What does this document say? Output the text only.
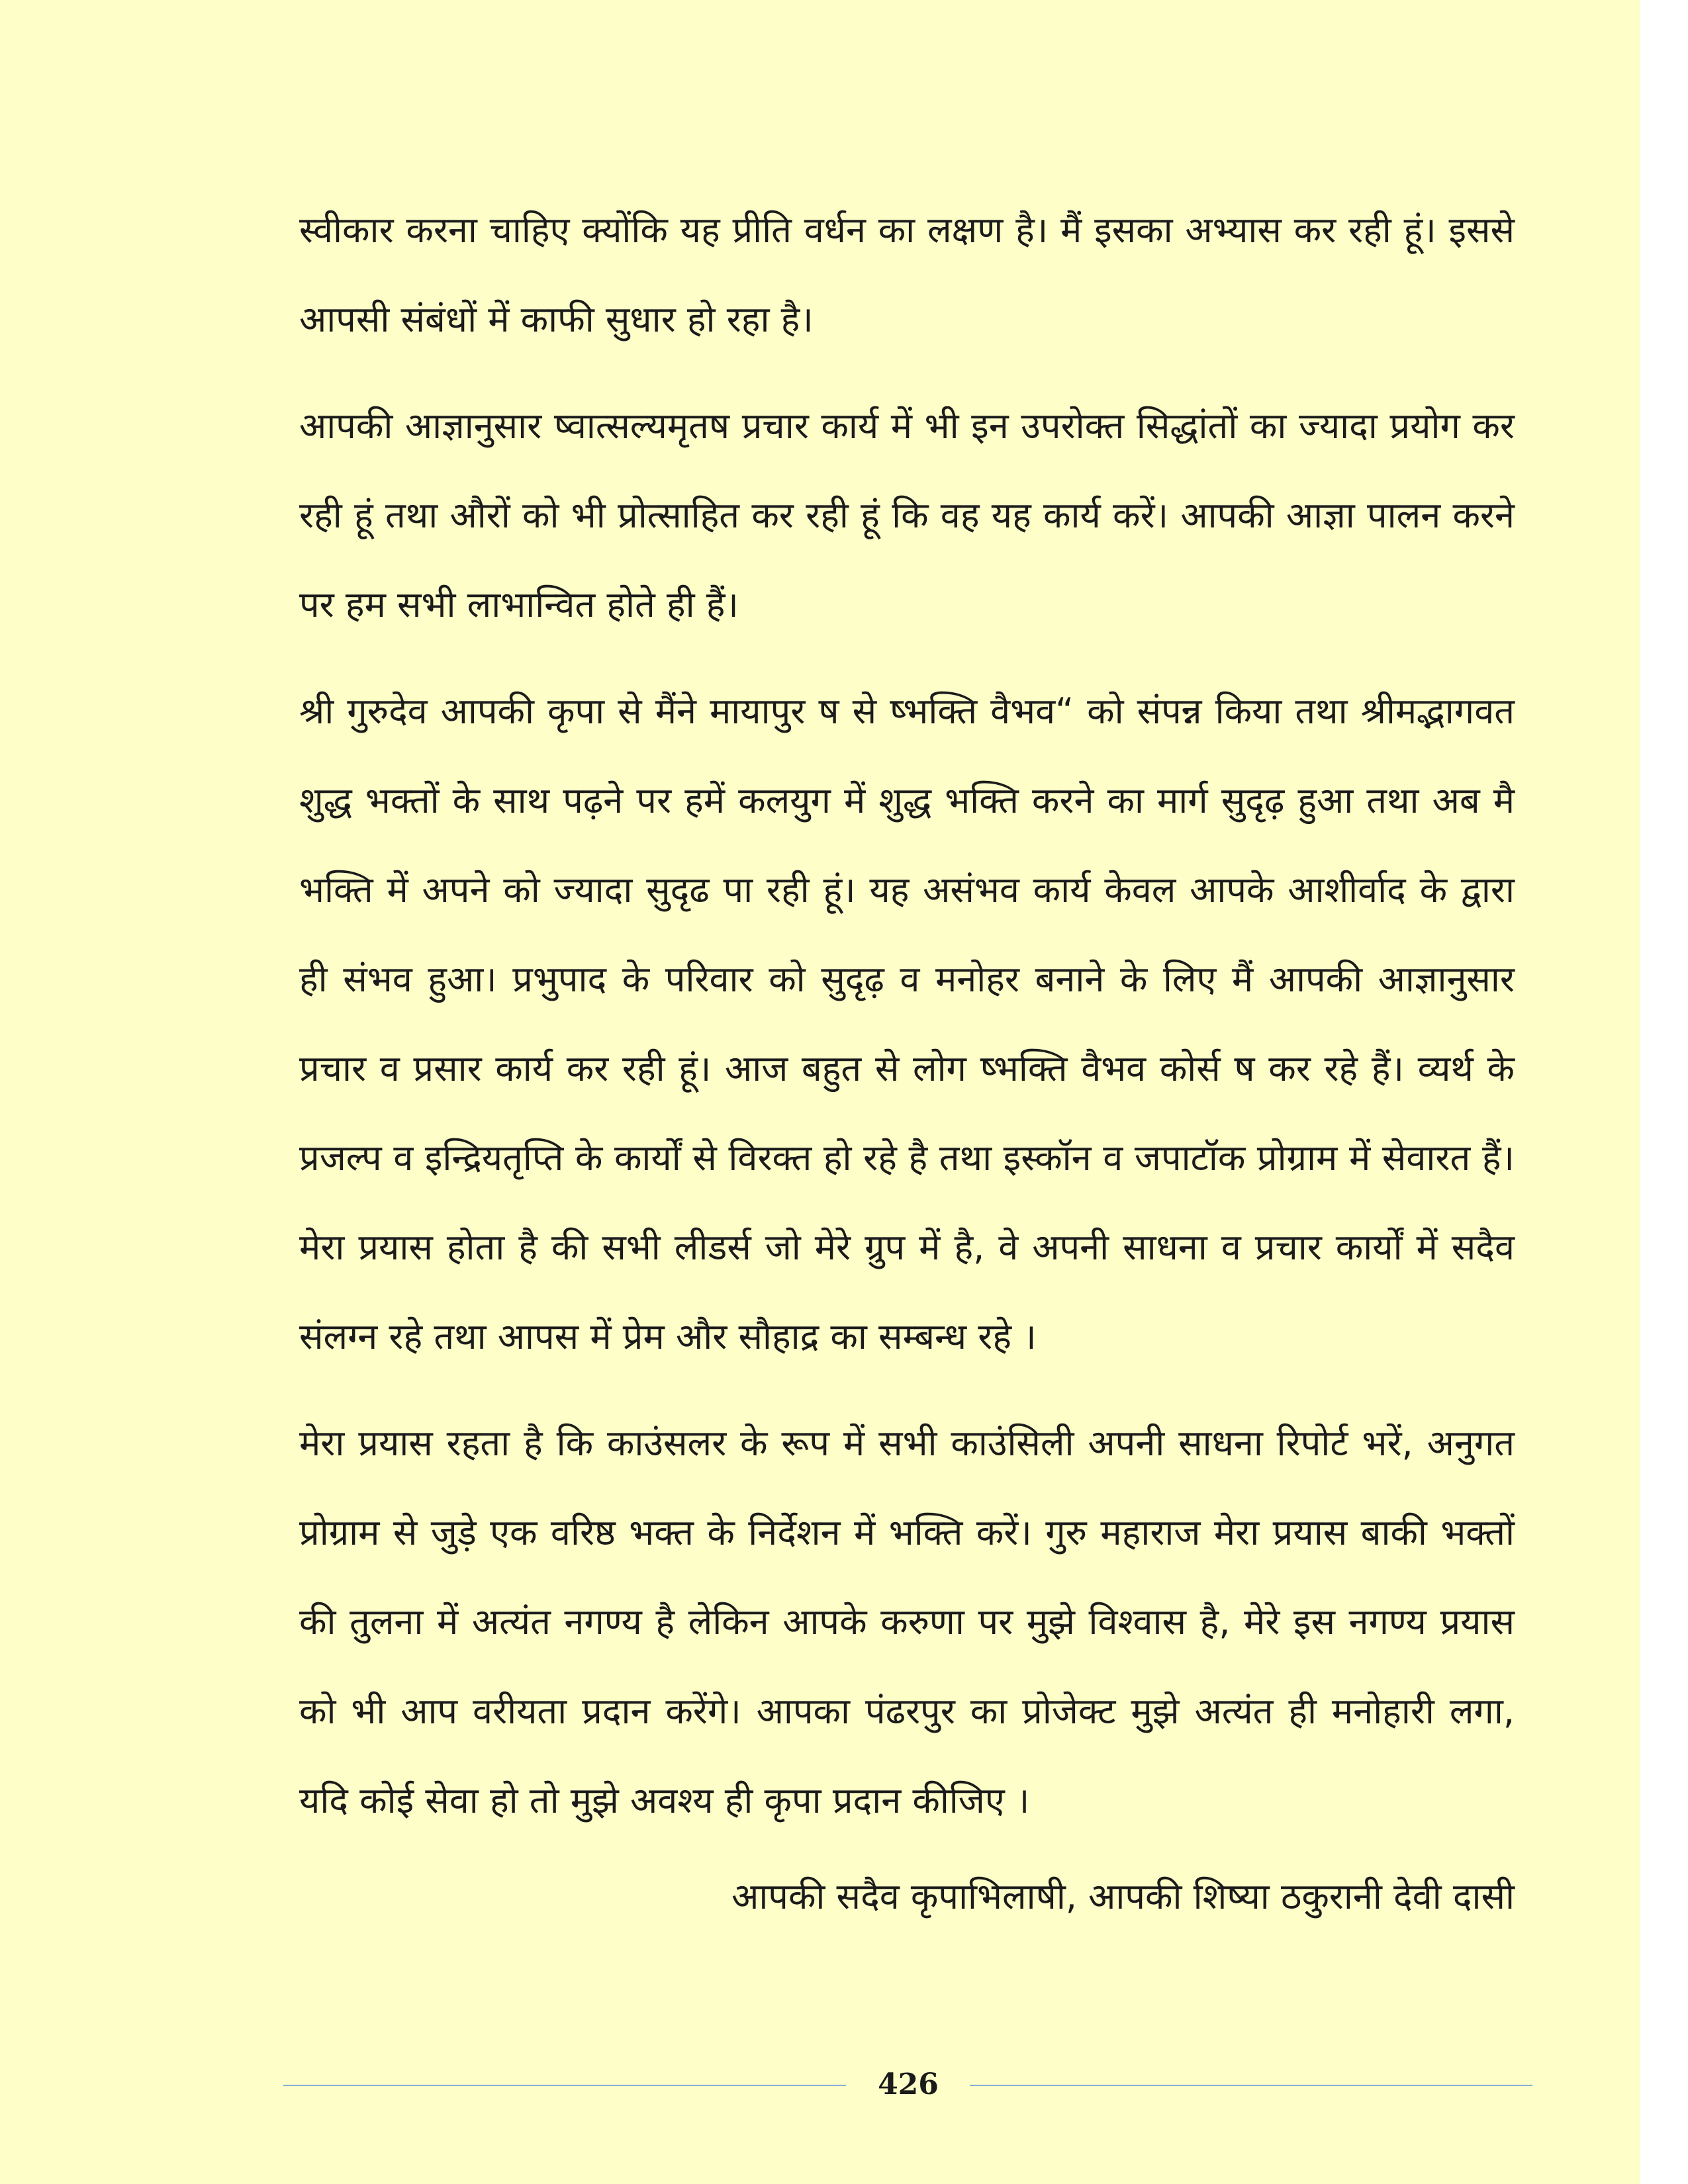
स्वीकार करना चाहिए क्योंकि यह प्रीति वर्धन का लक्षण है। मैं इसका अभ्यास कर रही हूं। इससे आपसी संबंधों में काफी सुधार हो रहा है।

आपकी आज्ञानुसार ष्वात्सल्यमृतष प्रचार कार्य में भी इन उपरोक्त सिद्धांतों का ज्यादा प्रयोग कर रही हूं तथा औरों को भी प्रोत्साहित कर रही हूं कि वह यह कार्य करें। आपकी आज्ञा पालन करने पर हम सभी लाभान्वित होते ही हैं।

श्री गुरुदेव आपकी कृपा से मैंने मायापुर ष से ष्भक्ति वैभव“ को संपन्न किया तथा श्रीमद्भागवत शुद्ध भक्तों के साथ पढ़ने पर हमें कलयुग में शुद्ध भक्ति करने का मार्ग सुदृढ़ हुआ तथा अब मै भक्ति में अपने को ज्यादा सुदृढ पा रही हूं। यह असंभव कार्य केवल आपके आशीर्वाद के द्वारा ही संभव हुआ। प्रभुपाद के परिवार को सुदृढ़ व मनोहर बनाने के लिए मैं आपकी आज्ञानुसार प्रचार व प्रसार कार्य कर रही हूं। आज बहुत से लोग ष्भक्ति वैभव कोर्स ष कर रहे हैं। व्यर्थ के प्रजल्प व इन्द्रियतृप्ति के कार्यों से विरक्त हो रहे है तथा इस्कॉन व जपाटॉक प्रोग्राम में सेवारत हैं। मेरा प्रयास होता है की सभी लीडर्स जो मेरे ग्रुप में है, वे अपनी साधना व प्रचार कार्यों में सदैव संलग्न रहे तथा आपस में प्रेम और सौहाद्र का सम्बन्ध रहे ।

मेरा प्रयास रहता है कि काउंसलर के रूप में सभी काउंसिली अपनी साधना रिपोर्ट भरें, अनुगत प्रोग्राम से जुड़े एक वरिष्ठ भक्त के निर्देशन में भक्ति करें। गुरु महाराज मेरा प्रयास बाकी भक्तों की तुलना में अत्यंत नगण्य है लेकिन आपके करुणा पर मुझे विश्वास है, मेरे इस नगण्य प्रयास को भी आप वरीयता प्रदान करेंगे। आपका पंढरपुर का प्रोजेक्ट मुझे अत्यंत ही मनोहारी लगा, यदि कोई सेवा हो तो मुझे अवश्य ही कृपा प्रदान कीजिए ।

आपकी सदैव कृपाभिलाषी, आपकी शिष्या ठकुरानी देवी दासी

426
